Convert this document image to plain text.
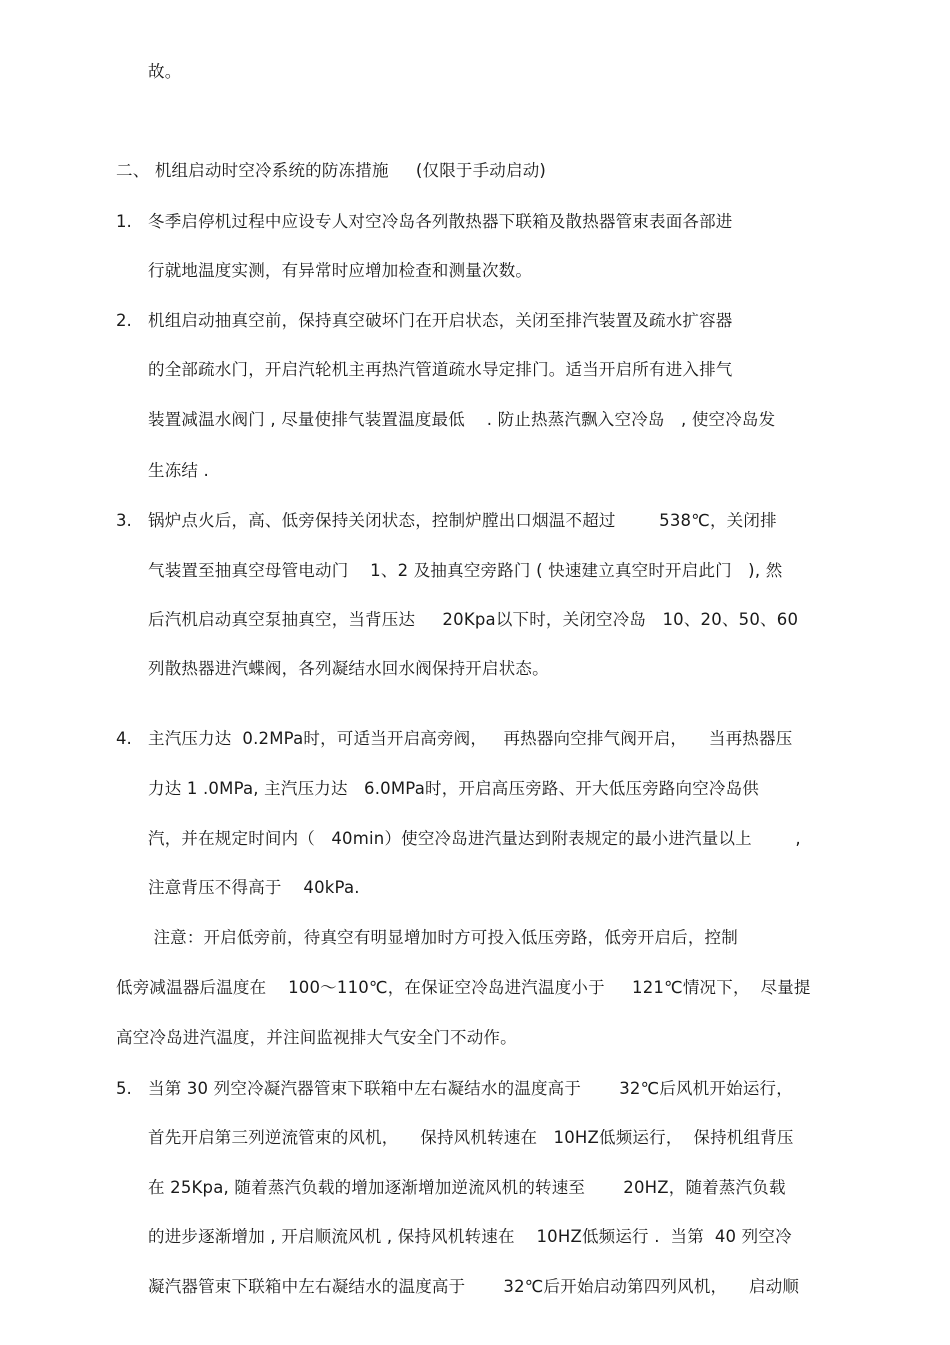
故。
二、 机组启动时空冷系统的防冻措施     (仅限于手动启动)
1. 冬季启停机过程中应设专人对空冷岛各列散热器下联箱及散热器管束表面各部进
行就地温度实测，有异常时应增加检查和测量次数。
2. 机组启动抽真空前，保持真空破坏门在开启状态，关闭至排汽装置及疏水扩容器
的全部疏水门，开启汽轮机主再热汽管道疏水导定排门。适当开启所有进入排气
装置减温水阀门 , 尽量使排气装置温度最低    . 防止热蒸汽飘入空冷岛   , 使空冷岛发
生冻结 .
3. 锅炉点火后，高、低旁保持关闭状态，控制炉膛出口烟温不超过        538℃，关闭排
气装置至抽真空母管电动门    1、2 及抽真空旁路门 ( 快速建立真空时开启此门   ), 然
后汽机启动真空泵抽真空，当背压达     20Kpa以下时，关闭空冷岛   10、20、50、60
列散热器进汽蝶阀，各列凝结水回水阀保持开启状态。
4. 主汽压力达  0.2MPa时，可适当开启高旁阀，   再热器向空排气阀开启，    当再热器压
力达 1 .0MPa, 主汽压力达   6.0MPa时，开启高压旁路、开大低压旁路向空冷岛供
汽，并在规定时间内（   40min）使空冷岛进汽量达到附表规定的最小进汽量以上        ,
注意背压不得高于    40kPa.
注意：开启低旁前，待真空有明显增加时方可投入低压旁路，低旁开启后，控制
低旁减温器后温度在    100～110℃，在保证空冷岛进汽温度小于     121℃情况下，  尽量提
高空冷岛进汽温度，并注间监视排大气安全门不动作。
5. 当第 30 列空冷凝汽器管束下联箱中左右凝结水的温度高于       32℃后风机开始运行，
首先开启第三列逆流管束的风机，    保持风机转速在   10HZ低频运行，  保持机组背压
在 25Kpa, 随着蒸汽负载的增加逐渐增加逆流风机的转速至       20HZ，随着蒸汽负载
的进步逐渐增加 , 开启顺流风机 , 保持风机转速在    10HZ低频运行 .  当第  40 列空冷
凝汽器管束下联箱中左右凝结水的温度高于       32℃后开始启动第四列风机，    启动顺
